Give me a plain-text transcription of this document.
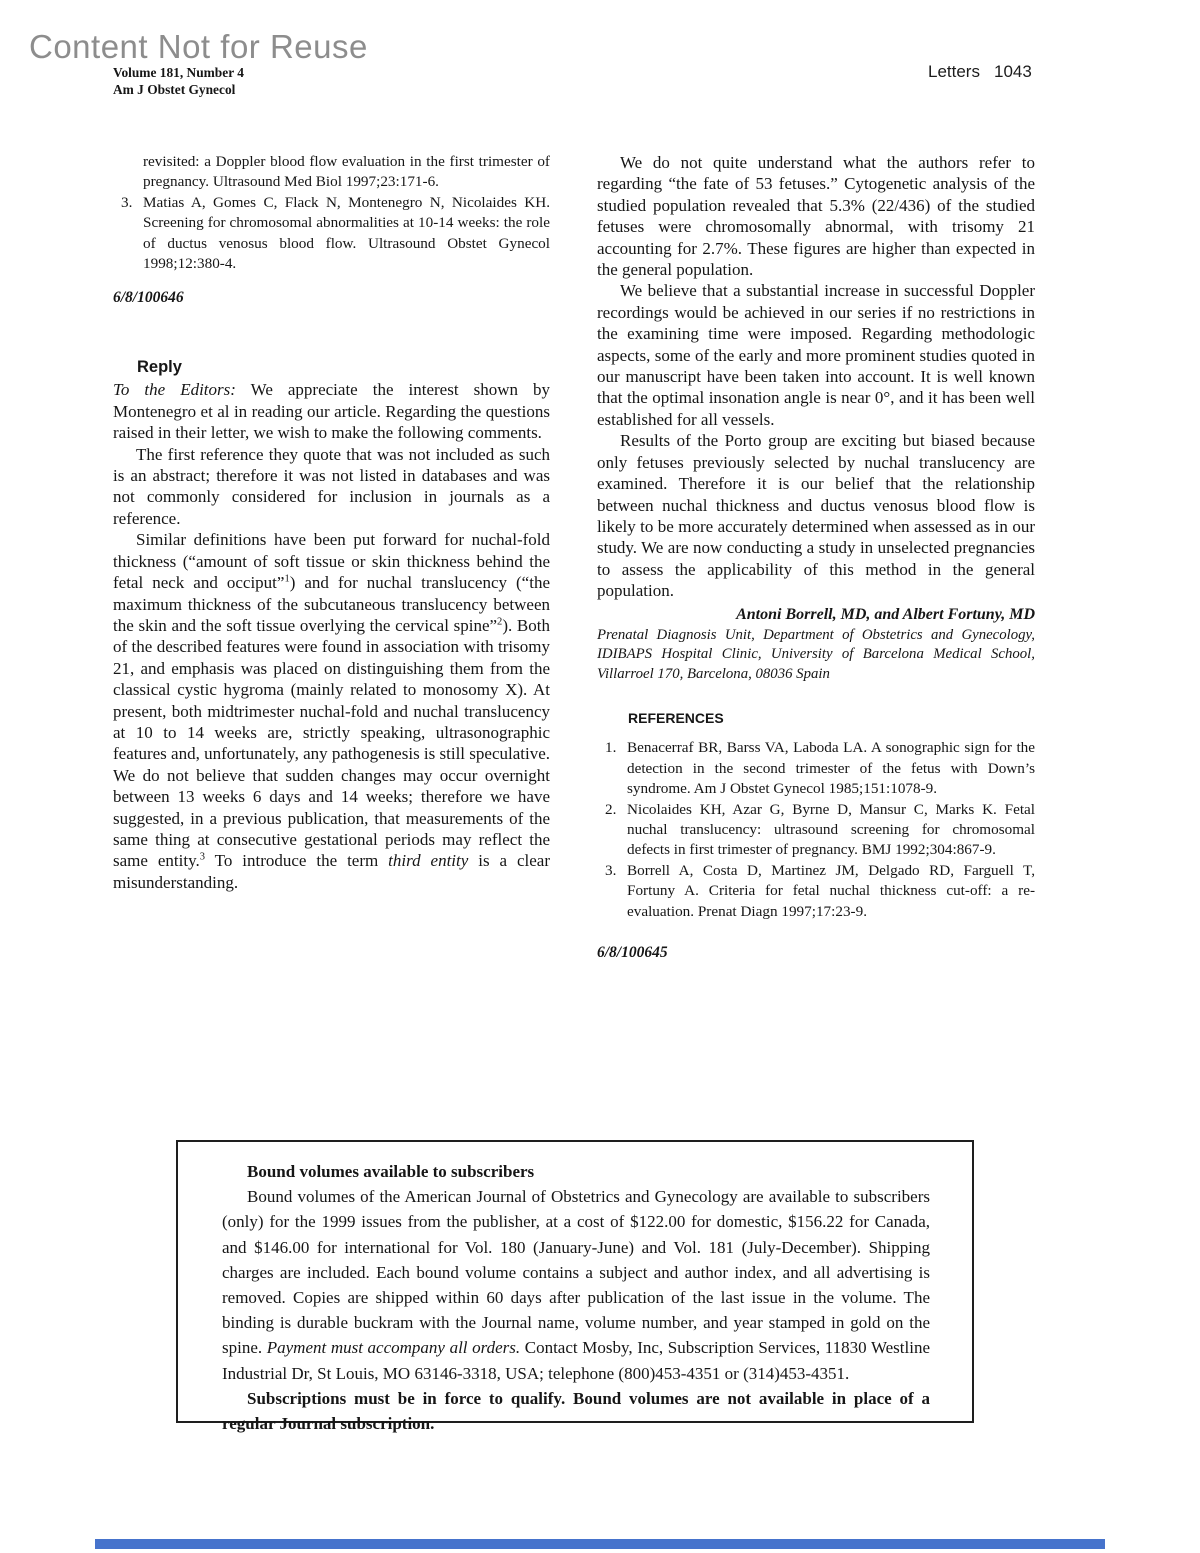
Content Not for Reuse
Volume 181, Number 4
Am J Obstet Gynecol
Letters 1043
revisited: a Doppler blood flow evaluation in the first trimester of pregnancy. Ultrasound Med Biol 1997;23:171-6.
3. Matias A, Gomes C, Flack N, Montenegro N, Nicolaides KH. Screening for chromosomal abnormalities at 10-14 weeks: the role of ductus venosus blood flow. Ultrasound Obstet Gynecol 1998;12:380-4.
6/8/100646
Reply

To the Editors: We appreciate the interest shown by Montenegro et al in reading our article. Regarding the questions raised in their letter, we wish to make the following comments.

The first reference they quote that was not included as such is an abstract; therefore it was not listed in databases and was not commonly considered for inclusion in journals as a reference.

Similar definitions have been put forward for nuchal-fold thickness (“amount of soft tissue or skin thickness behind the fetal neck and occiput”$^1$) and for nuchal translucency (“the maximum thickness of the subcutaneous translucency between the skin and the soft tissue overlying the cervical spine”$^2$). Both of the described features were found in association with trisomy 21, and emphasis was placed on distinguishing them from the classical cystic hygroma (mainly related to monosomy X). At present, both midtrimester nuchal-fold and nuchal translucency at 10 to 14 weeks are, strictly speaking, ultrasonographic features and, unfortunately, any pathogenesis is still speculative. We do not believe that sudden changes may occur overnight between 13 weeks 6 days and 14 weeks; therefore we have suggested, in a previous publication, that measurements of the same thing at consecutive gestational periods may reflect the same entity.$^3$ To introduce the term third entity is a clear misunderstanding.

We do not quite understand what the authors refer to regarding “the fate of 53 fetuses.” Cytogenetic analysis of the studied population revealed that 5.3% (22/436) of the studied fetuses were chromosomally abnormal, with trisomy 21 accounting for 2.7%. These figures are higher than expected in the general population.

We believe that a substantial increase in successful Doppler recordings would be achieved in our series if no restrictions in the examining time were imposed. Regarding methodologic aspects, some of the early and more prominent studies quoted in our manuscript have been taken into account. It is well known that the optimal insonation angle is near 0°, and it has been well established for all vessels.

Results of the Porto group are exciting but biased because only fetuses previously selected by nuchal translucency are examined. Therefore it is our belief that the relationship between nuchal thickness and ductus venosus blood flow is likely to be more accurately determined when assessed as in our study. We are now conducting a study in unselected pregnancies to assess the applicability of this method in the general population.

Antoni Borrell, MD, and Albert Fortuny, MD

Prenatal Diagnosis Unit, Department of Obstetrics and Gynecology, IDIBAPS Hospital Clinic, University of Barcelona Medical School, Villarroel 170, Barcelona, 08036 Spain

REFERENCES
1. Benacerraf BR, Barss VA, Laboda LA. A sonographic sign for the detection in the second trimester of the fetus with Down’s syndrome. Am J Obstet Gynecol 1985;151:1078-9.
2. Nicolaides KH, Azar G, Byrne D, Mansur C, Marks K. Fetal nuchal translucency: ultrasound screening for chromosomal defects in first trimester of pregnancy. BMJ 1992;304:867-9.
3. Borrell A, Costa D, Martinez JM, Delgado RD, Farguell T, Fortuny A. Criteria for fetal nuchal thickness cut-off: a re-evaluation. Prenat Diagn 1997;17:23-9.
6/8/100645

Bound volumes available to subscribers

Bound volumes of the American Journal of Obstetrics and Gynecology are available to subscribers (only) for the 1999 issues from the publisher, at a cost of $122.00 for domestic, $156.22 for Canada, and $146.00 for international for Vol. 180 (January-June) and Vol. 181 (July-December). Shipping charges are included. Each bound volume contains a subject and author index, and all advertising is removed. Copies are shipped within 60 days after publication of the last issue in the volume. The binding is durable buckram with the Journal name, volume number, and year stamped in gold on the spine. Payment must accompany all orders. Contact Mosby, Inc, Subscription Services, 11830 Westline Industrial Dr, St Louis, MO 63146-3318, USA; telephone (800)453-4351 or (314)453-4351.

Subscriptions must be in force to qualify. Bound volumes are not available in place of a regular Journal subscription.
